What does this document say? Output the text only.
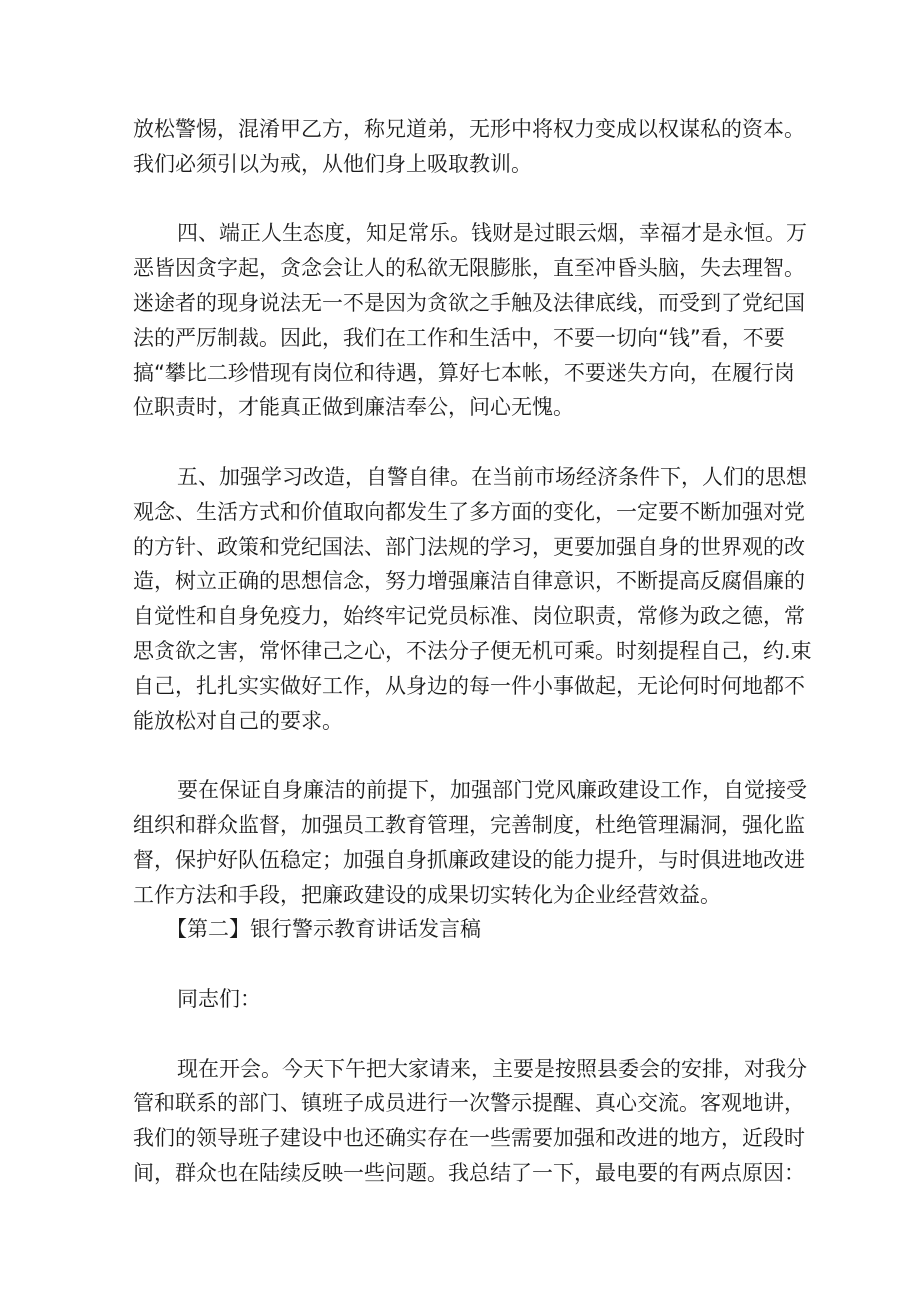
放松警惕，混淆甲乙方，称兄道弟，无形中将权力变成以权谋私的资本。
我们必须引以为戒，从他们身上吸取教训。
四、端正人生态度，知足常乐。钱财是过眼云烟，幸福才是永恒。万
恶皆因贪字起，贪念会让人的私欲无限膨胀，直至冲昏头脑，失去理智。
迷途者的现身说法无一不是因为贪欲之手触及法律底线，而受到了党纪国
法的严厉制裁。因此，我们在工作和生活中，不要一切向“钱”看，不要
搞“攀比二珍惜现有岗位和待遇，算好七本帐，不要迷失方向，在履行岗
位职责时，才能真正做到廉洁奉公，问心无愧。
五、加强学习改造，自警自律。在当前市场经济条件下，人们的思想
观念、生活方式和价值取向都发生了多方面的变化，一定要不断加强对党
的方针、政策和党纪国法、部门法规的学习，更要加强自身的世界观的改
造，树立正确的思想信念，努力增强廉洁自律意识，不断提高反腐倡廉的
自觉性和自身免疫力，始终牢记党员标准、岗位职责，常修为政之德，常
思贪欲之害，常怀律己之心，不法分子便无机可乘。时刻提程自己，约.束
自己，扎扎实实做好工作，从身边的每一件小事做起，无论何时何地都不
能放松对自己的要求。
要在保证自身廉洁的前提下，加强部门党风廉政建设工作，自觉接受
组织和群众监督，加强员工教育管理，完善制度，杜绝管理漏洞，强化监
督，保护好队伍稳定；加强自身抓廉政建设的能力提升，与时俱进地改进
工作方法和手段，把廉政建设的成果切实转化为企业经营效益。

【第二】银行警示教育讲话发言稿

同志们：
现在开会。今天下午把大家请来，主要是按照县委会的安排，对我分
管和联系的部门、镇班子成员进行一次警示提醒、真心交流。客观地讲，
我们的领导班子建设中也还确实存在一些需要加强和改进的地方，近段时
间，群众也在陆续反映一些问题。我总结了一下，最电要的有两点原因：
